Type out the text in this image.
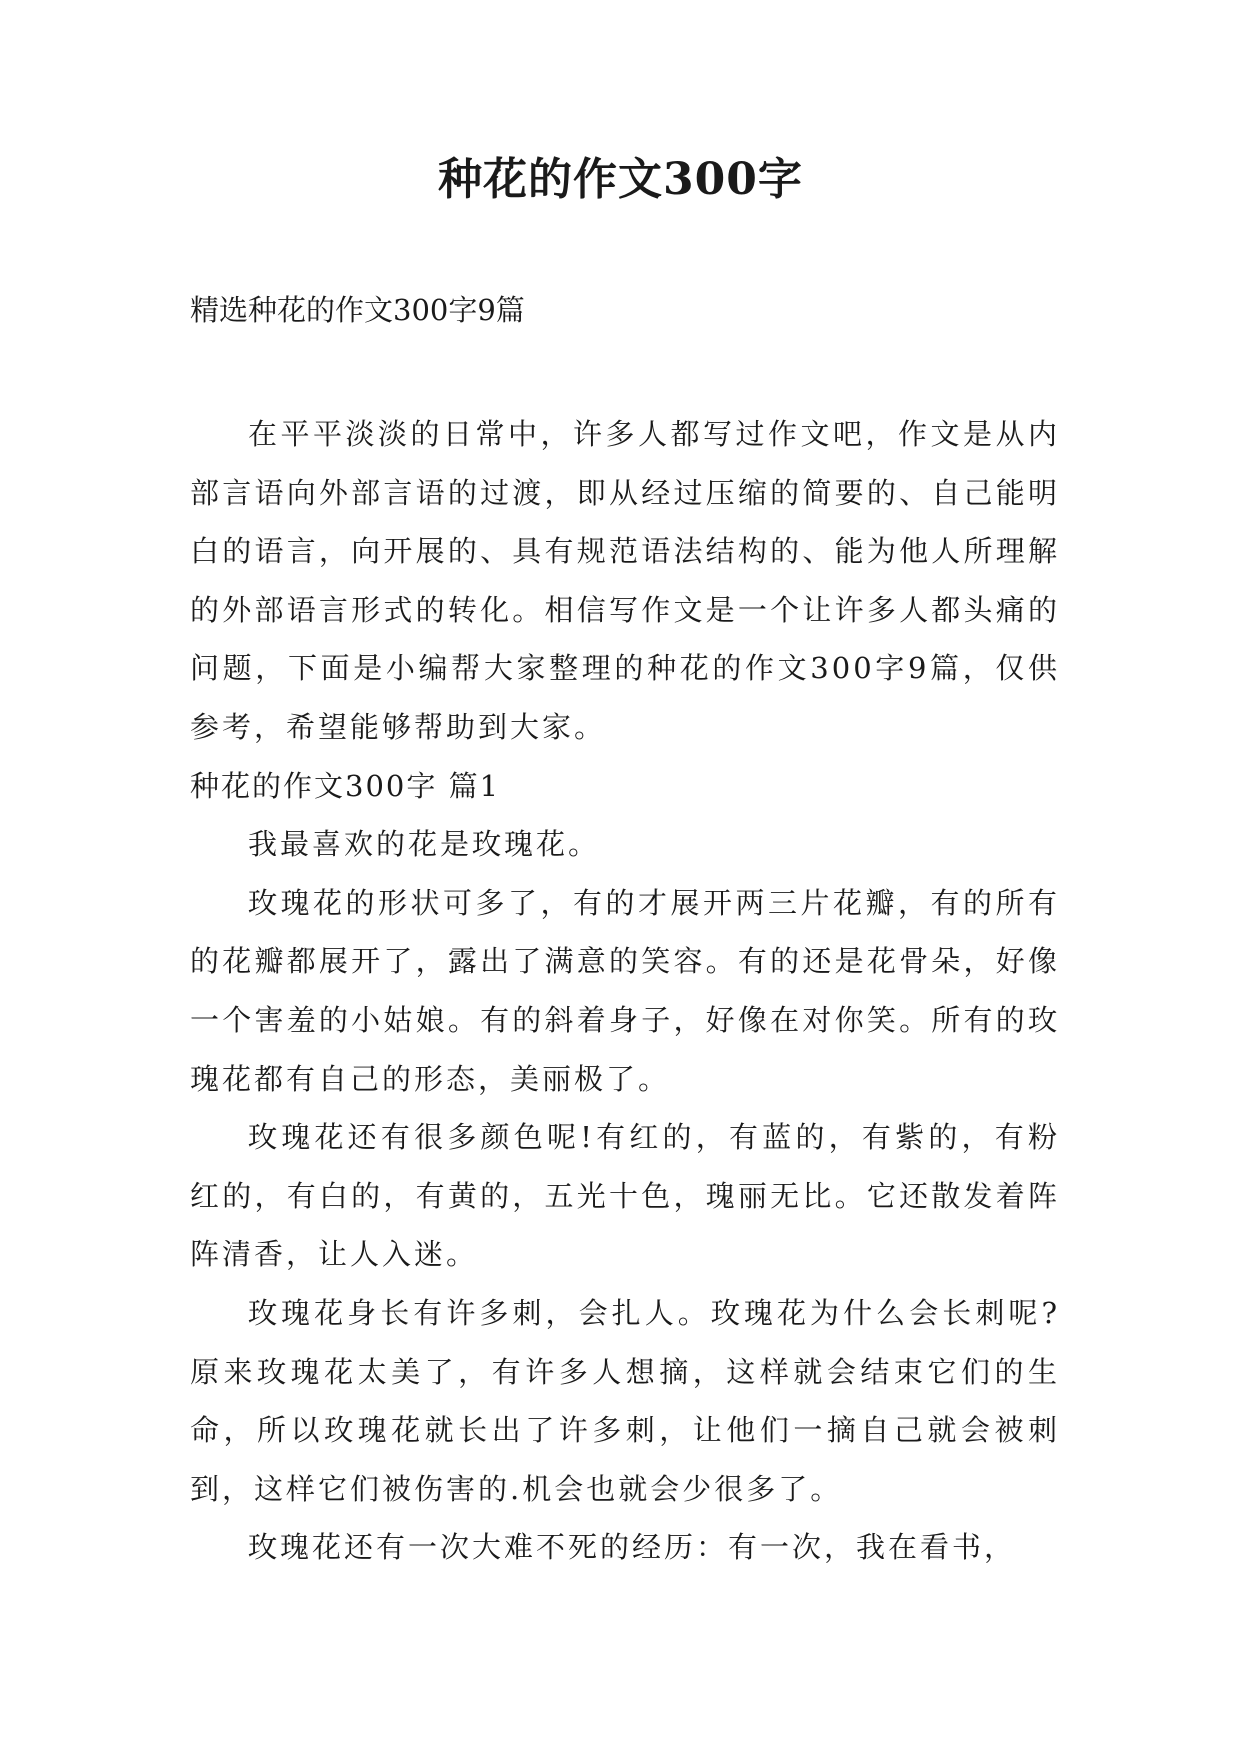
种花的作文300字

精选种花的作文300字9篇

在平平淡淡的日常中，许多人都写过作文吧，作文是从内部言语向外部言语的过渡，即从经过压缩的简要的、自己能明白的语言，向开展的、具有规范语法结构的、能为他人所理解的外部语言形式的转化。相信写作文是一个让许多人都头痛的问题，下面是小编帮大家整理的种花的作文300字9篇，仅供参考，希望能够帮助到大家。

种花的作文300字 篇1

我最喜欢的花是玫瑰花。

玫瑰花的形状可多了，有的才展开两三片花瓣，有的所有的花瓣都展开了，露出了满意的笑容。有的还是花骨朵，好像一个害羞的小姑娘。有的斜着身子，好像在对你笑。所有的玫瑰花都有自己的形态，美丽极了。

玫瑰花还有很多颜色呢!有红的，有蓝的，有紫的，有粉红的，有白的，有黄的，五光十色，瑰丽无比。它还散发着阵阵清香，让人入迷。

玫瑰花身长有许多刺，会扎人。玫瑰花为什么会长刺呢?原来玫瑰花太美了，有许多人想摘，这样就会结束它们的生命，所以玫瑰花就长出了许多刺，让他们一摘自己就会被刺到，这样它们被伤害的.机会也就会少很多了。

玫瑰花还有一次大难不死的经历：有一次，我在看书，
